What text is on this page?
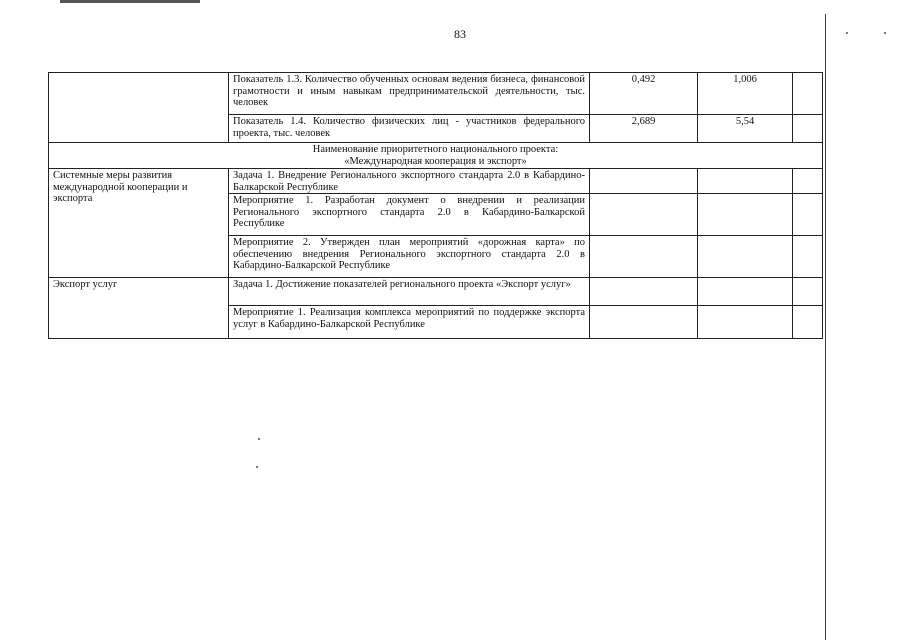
83
	Показатель 1.3. Количество обученных основам ведения бизнеса, финансовой грамотности и иным навыкам предпринимательской деятельности, тыс. человек	0,492	1,006	
	Показатель 1.4. Количество физических лиц - участников федерального проекта, тыс. человек	2,689	5,54	

Наименование приоритетного национального проекта:
«Международная кооперация и экспорт»				

Системные меры развития международной кооперации и экспорта	Задача 1. Внедрение Регионального экспортного стандарта 2.0 в Кабардино-Балкарской Республике			
	Мероприятие 1. Разработан документ о внедрении и реализации Регионального экспортного стандарта 2.0 в Кабардино-Балкарской Республике			
	Мероприятие 2. Утвержден план мероприятий «дорожная карта» по обеспечению внедрения Регионального экспортного стандарта 2.0 в Кабардино-Балкарской Республике			
Экспорт услуг	Задача 1. Достижение показателей регионального проекта «Экспорт услуг»			
	Мероприятие 1. Реализация комплекса мероприятий по поддержке экспорта услуг в Кабардино-Балкарской Республике			
